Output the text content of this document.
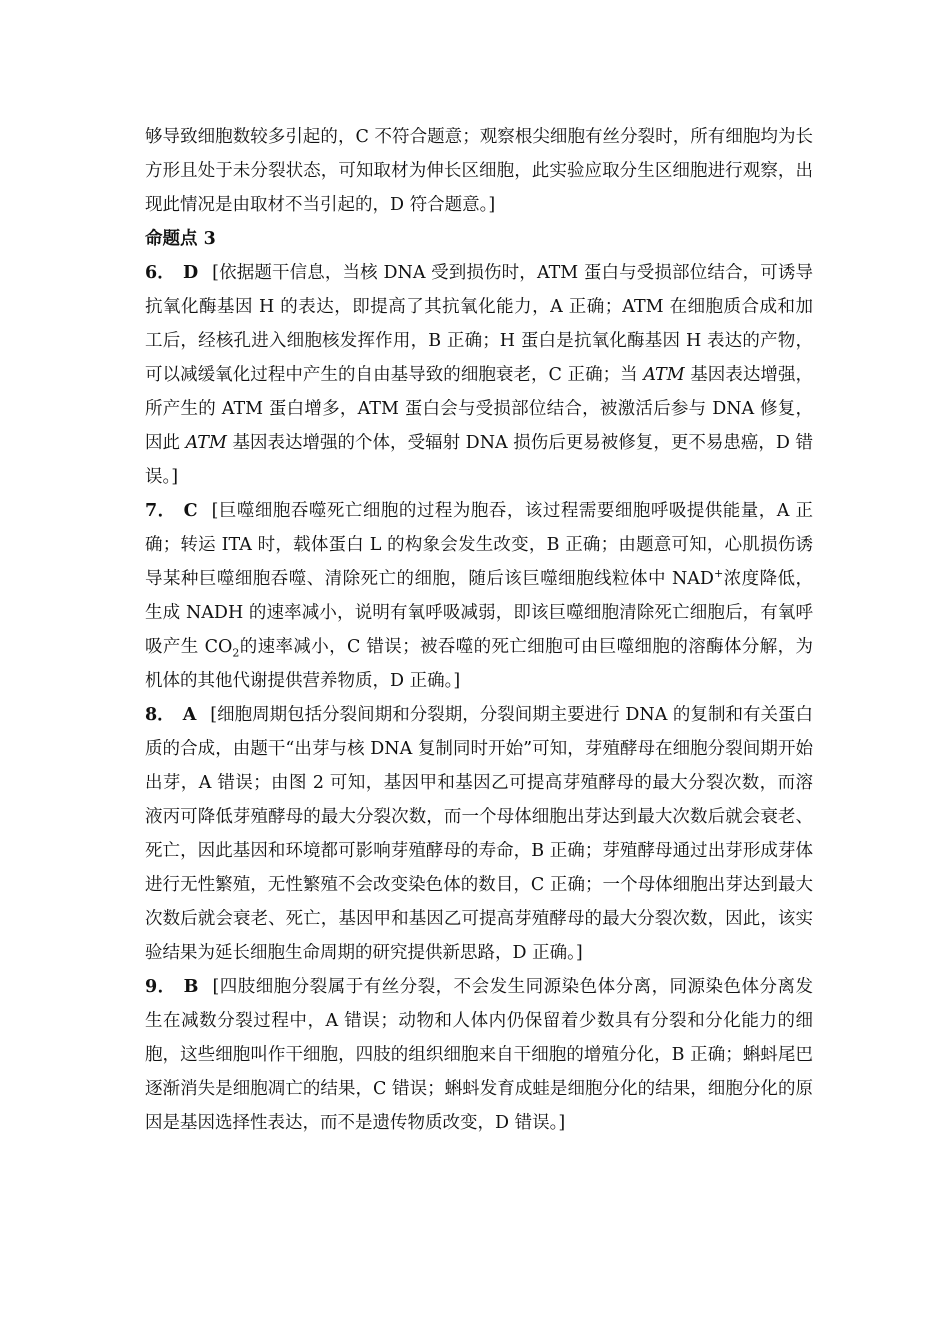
够导致细胞数较多引起的，C 不符合题意；观察根尖细胞有丝分裂时，所有细胞均为长方形且处于未分裂状态，可知取材为伸长区细胞，此实验应取分生区细胞进行观察，出现此情况是由取材不当引起的，D 符合题意。]

命题点 3

6． D [依据题干信息，当核 DNA 受到损伤时，ATM 蛋白与受损部位结合，可诱导抗氧化酶基因 H 的表达，即提高了其抗氧化能力，A 正确；ATM 在细胞质合成和加工后，经核孔进入细胞核发挥作用，B 正确；H 蛋白是抗氧化酶基因 H 表达的产物，可以减缓氧化过程中产生的自由基导致的细胞衰老，C 正确；当 ATM 基因表达增强，所产生的 ATM 蛋白增多，ATM 蛋白会与受损部位结合，被激活后参与 DNA 修复，因此 ATM 基因表达增强的个体，受辐射 DNA 损伤后更易被修复，更不易患癌，D 错误。]

7． C [巨噬细胞吞噬死亡细胞的过程为胞吞，该过程需要细胞呼吸提供能量，A 正确；转运 ITA 时，载体蛋白 L 的构象会发生改变，B 正确；由题意可知，心肌损伤诱导某种巨噬细胞吞噬、清除死亡的细胞，随后该巨噬细胞线粒体中 NAD+浓度降低，生成 NADH 的速率减小，说明有氧呼吸减弱，即该巨噬细胞清除死亡细胞后，有氧呼吸产生 $CO_2$的速率减小，C 错误；被吞噬的死亡细胞可由巨噬细胞的溶酶体分解，为机体的其他代谢提供营养物质，D 正确。]

8． A [细胞周期包括分裂间期和分裂期，分裂间期主要进行 DNA 的复制和有关蛋白质的合成，由题干“出芽与核 DNA 复制同时开始”可知，芽殖酵母在细胞分裂间期开始出芽，A 错误；由图 2 可知，基因甲和基因乙可提高芽殖酵母的最大分裂次数，而溶液丙可降低芽殖酵母的最大分裂次数，而一个母体细胞出芽达到最大次数后就会衰老、死亡，因此基因和环境都可影响芽殖酵母的寿命，B 正确；芽殖酵母通过出芽形成芽体进行无性繁殖，无性繁殖不会改变染色体的数目，C 正确；一个母体细胞出芽达到最大次数后就会衰老、死亡，基因甲和基因乙可提高芽殖酵母的最大分裂次数，因此，该实验结果为延长细胞生命周期的研究提供新思路，D 正确。]

9． B [四肢细胞分裂属于有丝分裂，不会发生同源染色体分离，同源染色体分离发生在减数分裂过程中，A 错误；动物和人体内仍保留着少数具有分裂和分化能力的细胞，这些细胞叫作干细胞，四肢的组织细胞来自干细胞的增殖分化，B 正确；蝌蚪尾巴逐渐消失是细胞凋亡的结果，C 错误；蝌蚪发育成蛙是细胞分化的结果，细胞分化的原因是基因选择性表达，而不是遗传物质改变，D 错误。]
